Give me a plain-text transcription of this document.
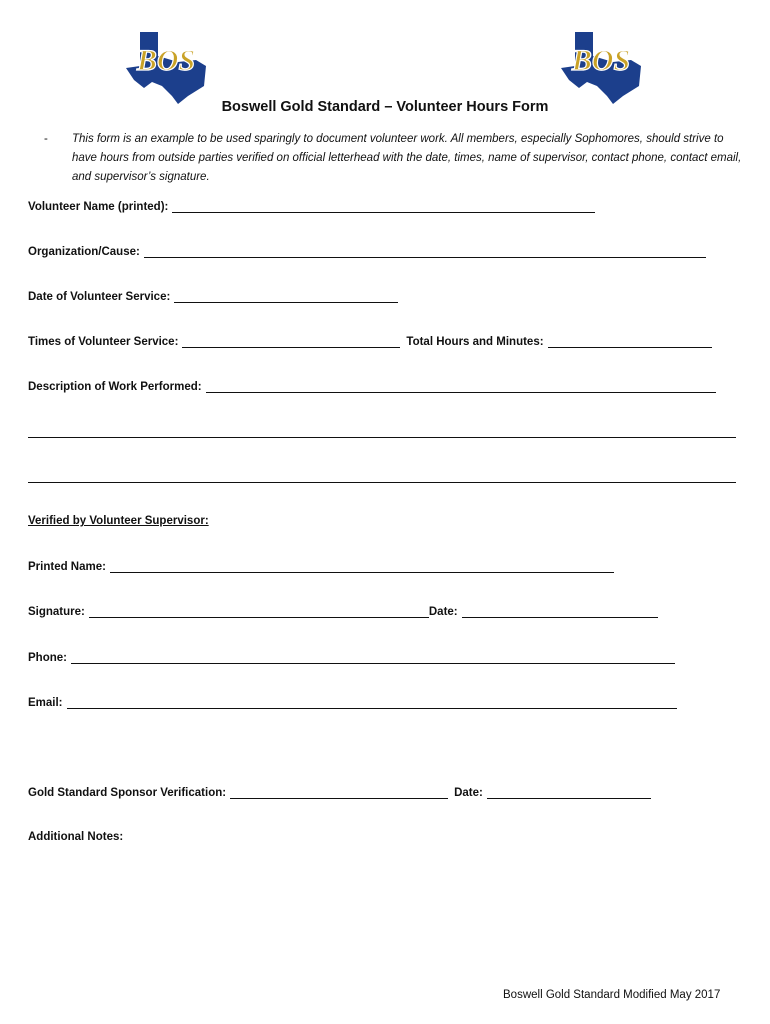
BOS	BOS
Boswell Gold Standard – Volunteer Hours Form
- This form is an example to be used sparingly to document volunteer work. All members, especially Sophomores, should strive to have hours from outside parties verified on official letterhead with the date, times, name of supervisor, contact phone, contact email, and supervisor’s signature.
Volunteer Name (printed):
Organization/Cause:
Date of Volunteer Service:
Times of Volunteer Service:	Total Hours and Minutes:
Description of Work Performed:
Verified by Volunteer Supervisor:
Printed Name:
Signature:	Date:
Phone:
Email:
Gold Standard Sponsor Verification:	Date:
Additional Notes:
Boswell Gold Standard Modified May 2017
